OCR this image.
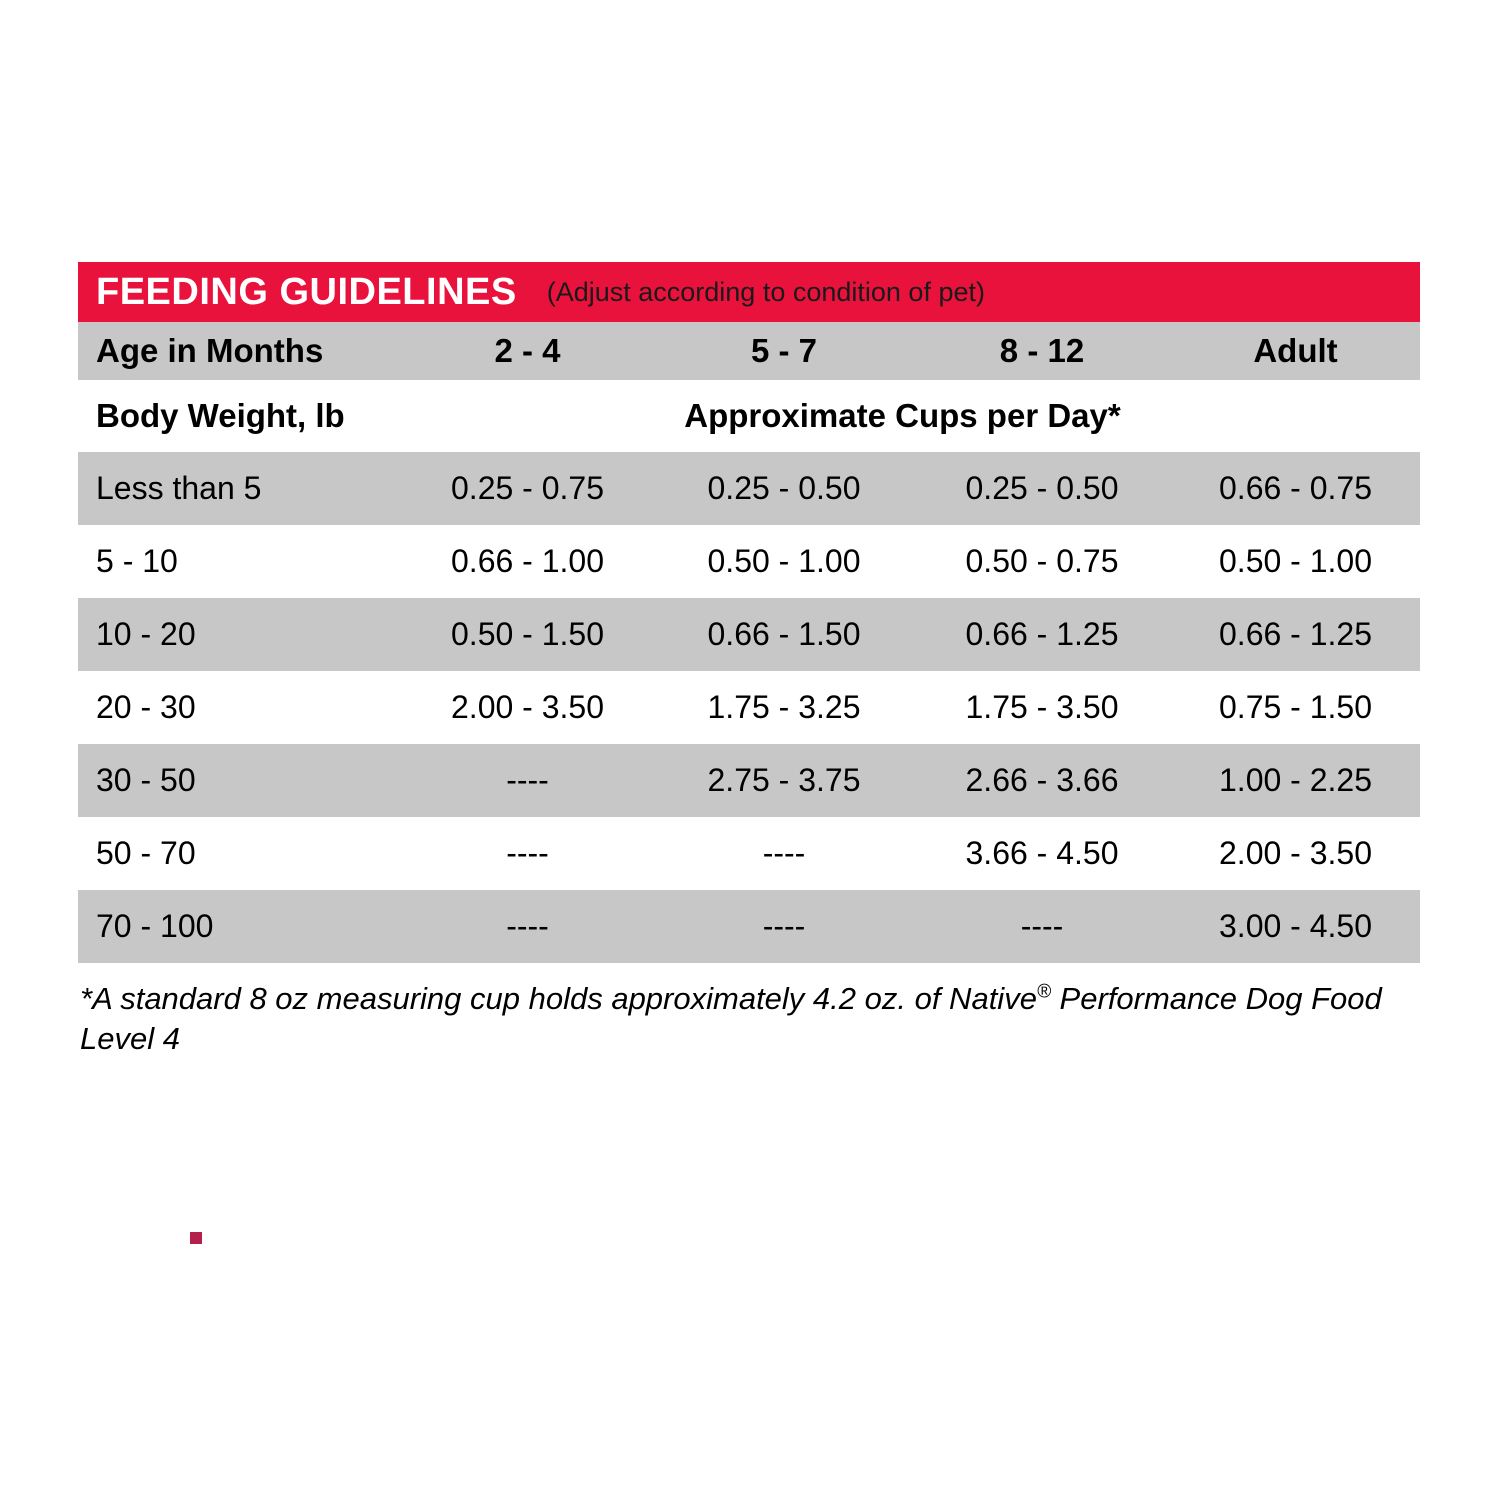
FEEDING GUIDELINES (Adjust according to condition of pet)
Age in Months	2 - 4	5 - 7	8 - 12	Adult
Body Weight, lb	Approximate Cups per Day*
Less than 5	0.25 - 0.75	0.25 - 0.50	0.25 - 0.50	0.66 - 0.75
5 - 10	0.66 - 1.00	0.50 - 1.00	0.50 - 0.75	0.50 - 1.00
10 - 20	0.50 - 1.50	0.66 - 1.50	0.66 - 1.25	0.66 - 1.25
20 - 30	2.00 - 3.50	1.75 - 3.25	1.75 - 3.50	0.75 - 1.50
30 - 50	----	2.75 - 3.75	2.66 - 3.66	1.00 - 2.25
50 - 70	----	----	3.66 - 4.50	2.00 - 3.50
70 - 100	----	----	----	3.00 - 4.50
*A standard 8 oz measuring cup holds approximately 4.2 oz. of Native® Performance Dog Food Level 4
